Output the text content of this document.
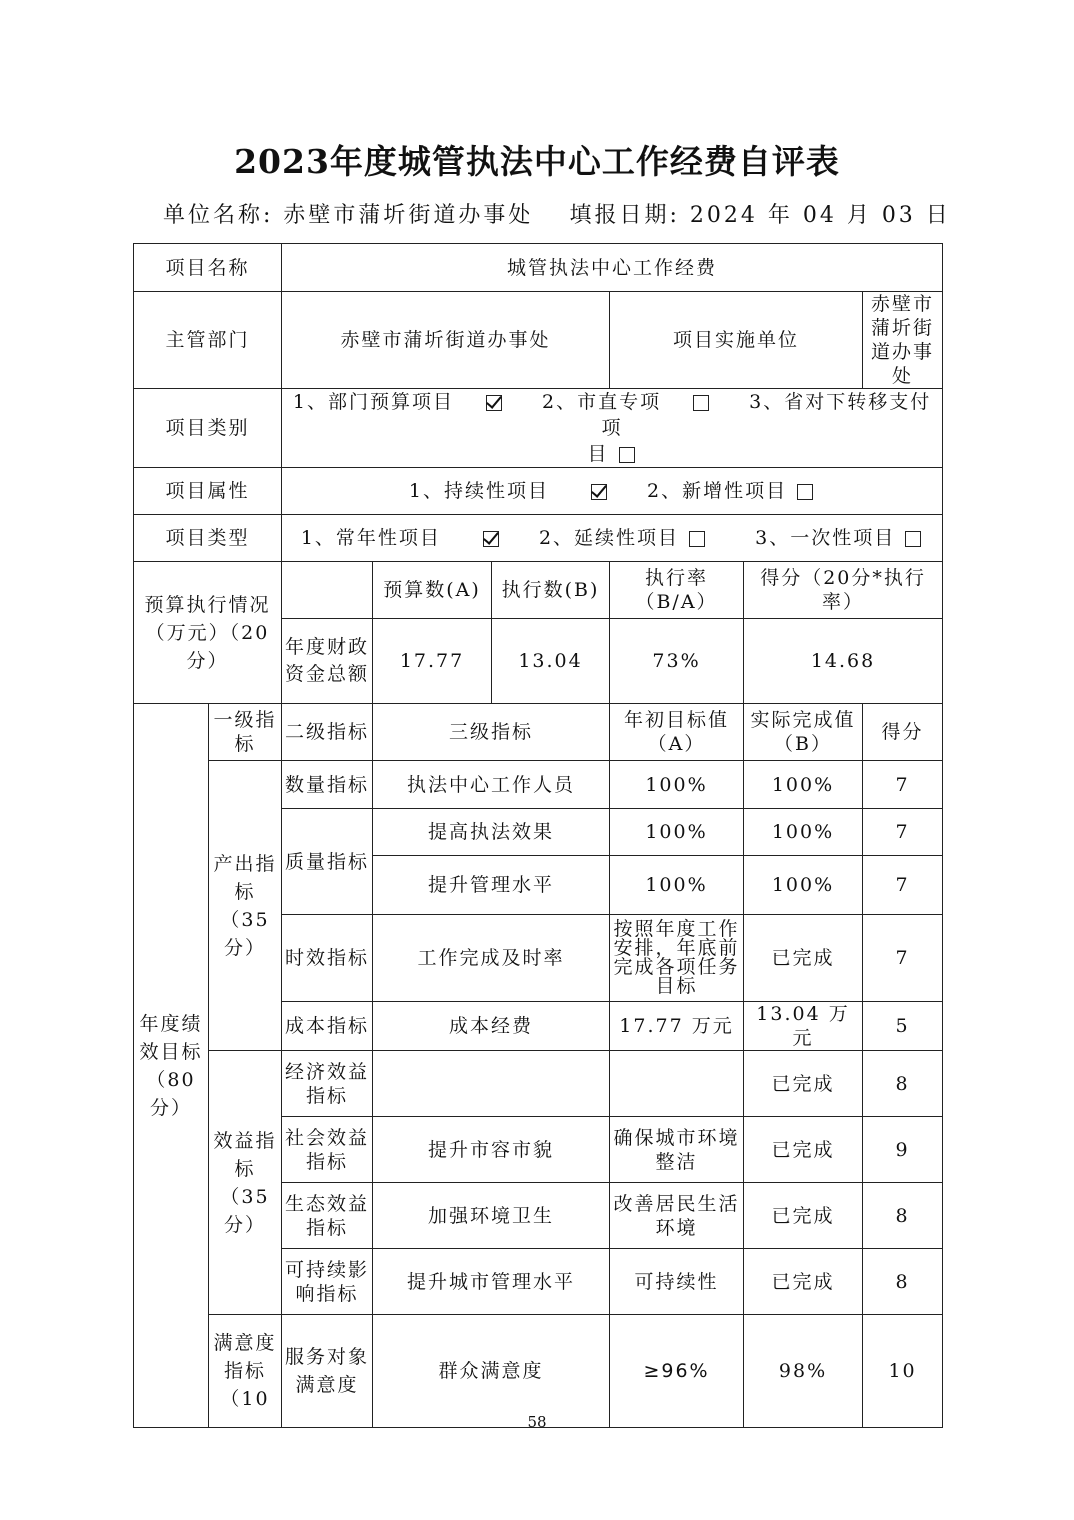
2023年度城管执法中心工作经费自评表
单位名称: 赤壁市蒲圻街道办事处 填报日期: 2024 年 04 月 03 日
项目名称		城管执法中心工作经费					
主管部门		赤壁市蒲圻街道办事处			项目实施单位		赤壁市蒲圻街道办事处
项目类别		1、部门预算项目 2、市直专项 3、省对下转移支付项
目					
项目属性		1、持续性项目 2、新增性项目					
项目类型		1、常年性项目 2、延续性项目 3、一次性项目					
预算执行情况（万元）（20分）			预算数(A)	执行数(B)	执行率（B/A）	得分（20分*执行率）	
		年度财政资金总额	17.77	13.04	73%	14.68	
年度绩效目标（80分）	一级指标	二级指标	三级指标		年初目标值（A）	实际完成值（B）	得分
	产出指标（35分）	数量指标	执法中心工作人员		100%	100%	7
		质量指标	提高执法效果		100%	100%	7
			提升管理水平		100%	100%	7
		时效指标	工作完成及时率		按照年度工作安排，年底前完成各项任务目标	已完成	7
		成本指标	成本经费		17.77 万元	13.04 万元	5
	效益指标（35分）	经济效益指标				已完成	8
		社会效益指标	提升市容市貌		确保城市环境整洁	已完成	9
		生态效益指标	加强环境卫生		改善居民生活环境	已完成	8
		可持续影响指标	提升城市管理水平		可持续性	已完成	8
	满意度指标（10	服务对象满意度	群众满意度		≥96%	98%	10
58
